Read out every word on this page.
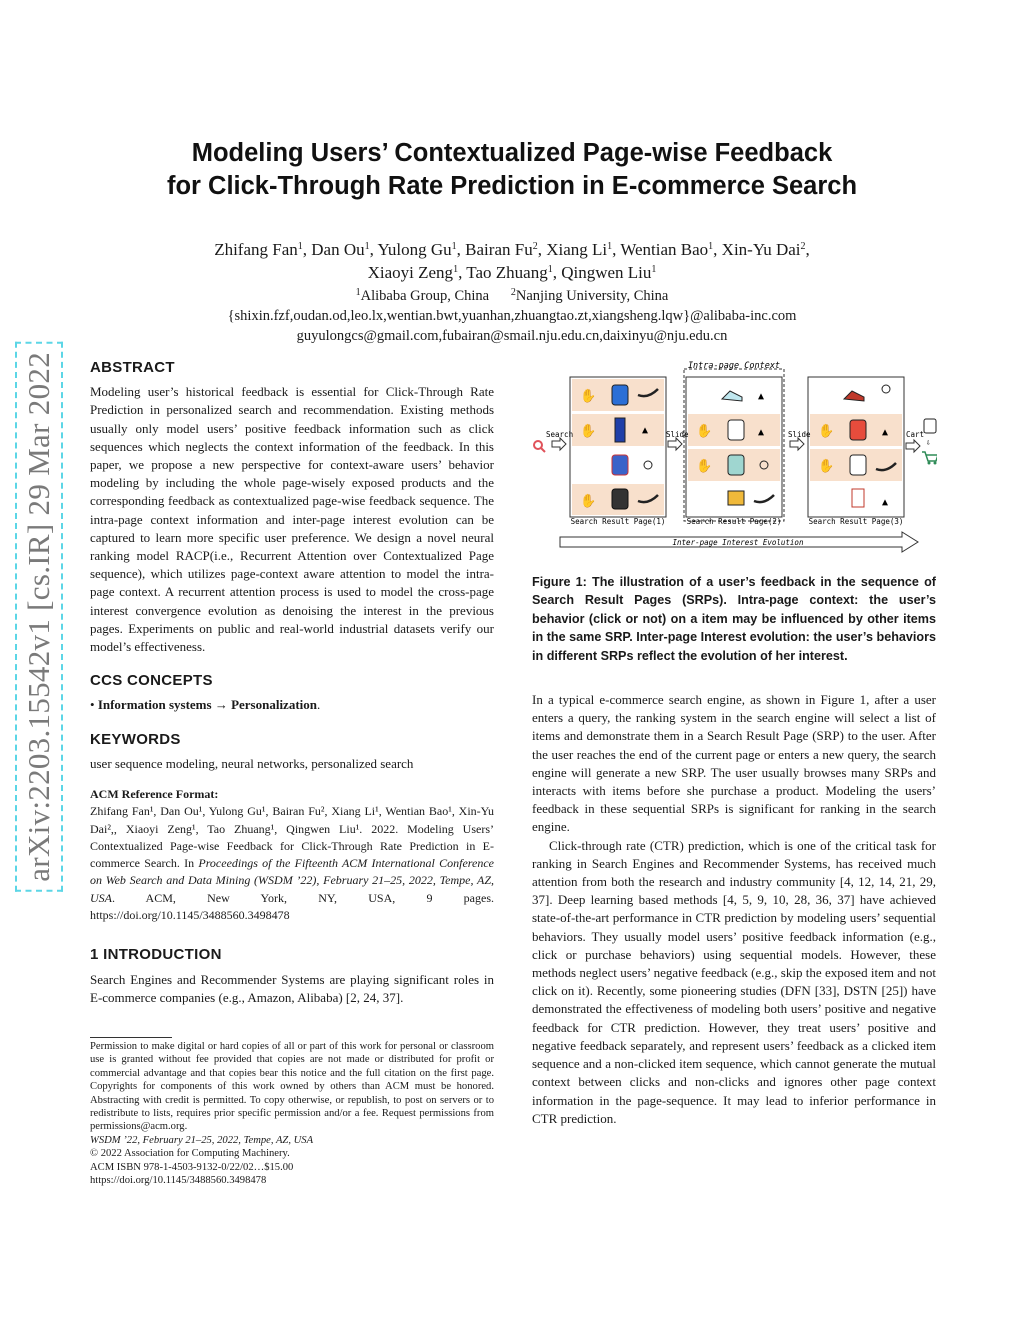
arXiv:2203.15542v1 [cs.IR] 29 Mar 2022
Modeling Users’ Contextualized Page-wise Feedback
for Click-Through Rate Prediction in E-commerce Search
Zhifang Fan$^1$, Dan Ou$^1$, Yulong Gu$^1$, Bairan Fu$^2$, Xiang Li$^1$, Wentian Bao$^1$, Xin-Yu Dai$^2$,
Xiaoyi Zeng$^1$, Tao Zhuang$^1$, Qingwen Liu$^1$
$^1$Alibaba Group, China $^2$Nanjing University, China
{shixin.fzf,oudan.od,leo.lx,wentian.bwt,yuanhan,zhuangtao.zt,xiangsheng.lqw}@alibaba-inc.com
guyulongcs@gmail.com,fubairan@smail.nju.edu.cn,daixinyu@nju.edu.cn
ABSTRACT

Modeling user’s historical feedback is essential for Click-Through Rate Prediction in personalized search and recommendation. Existing methods usually only model users’ positive feedback information such as click sequences which neglects the context information of the feedback. In this paper, we propose a new perspective for context-aware users’ behavior modeling by including the whole page-wisely exposed products and the corresponding feedback as contextualized page-wise feedback sequence. The intra-page context information and inter-page interest evolution can be captured to learn more specific user preference. We design a novel neural ranking model RACP(i.e., Recurrent Attention over Contextualized Page sequence), which utilizes page-context aware attention to model the intra-page context. A recurrent attention process is used to model the cross-page interest convergence evolution as denoising the interest in the previous pages. Experiments on public and real-world industrial datasets verify our model’s effectiveness.

CCS CONCEPTS

• Information systems → Personalization.

KEYWORDS

user sequence modeling, neural networks, personalized search

ACM Reference Format:

Zhifang Fan¹, Dan Ou¹, Yulong Gu¹, Bairan Fu², Xiang Li¹, Wentian Bao¹, Xin-Yu Dai²,, Xiaoyi Zeng¹, Tao Zhuang¹, Qingwen Liu¹. 2022. Modeling Users’ Contextualized Page-wise Feedback for Click-Through Rate Prediction in E-commerce Search. In Proceedings of the Fifteenth ACM International Conference on Web Search and Data Mining (WSDM ’22), February 21–25, 2022, Tempe, AZ, USA. ACM, New York, NY, USA, 9 pages. https://doi.org/10.1145/3488560.3498478

1 INTRODUCTION

Search Engines and Recommender Systems are playing significant roles in E-commerce companies (e.g., Amazon, Alibaba) [2, 24, 37].

Permission to make digital or hard copies of all or part of this work for personal or classroom use is granted without fee provided that copies are not made or distributed for profit or commercial advantage and that copies bear this notice and the full citation on the first page. Copyrights for components of this work owned by others than ACM must be honored. Abstracting with credit is permitted. To copy otherwise, or republish, to post on servers or to redistribute to lists, requires prior specific permission and/or a fee. Request permissions from permissions@acm.org.

WSDM ’22, February 21–25, 2022, Tempe, AZ, USA

© 2022 Association for Computing Machinery.

ACM ISBN 978-1-4503-9132-0/22/02…$15.00

https://doi.org/10.1145/3488560.3498478

Intra-page Context
✋
✋	▲
✋
▲
✋	▲
✋
✋	▲
✋
▲
Search	Slide	Slide	Cart
⇩
Search Result Page(1)	Search Result Page(2)	Search Result Page(3)
Inter-page Interest Evolution

Figure 1: The illustration of a user’s feedback in the sequence of Search Result Pages (SRPs). Intra-page context: the user’s behavior (click or not) on a item may be influenced by other items in the same SRP. Inter-page Interest evolution: the user’s behaviors in different SRPs reflect the evolution of her interest.

In a typical e-commerce search engine, as shown in Figure 1, after a user enters a query, the ranking system in the search engine will select a list of items and demonstrate them in a Search Result Page (SRP) to the user. After the user reaches the end of the current page or enters a new query, the search engine will generate a new SRP. The user usually browses many SRPs and interacts with items before she purchase a product. Modeling the users’ feedback in these sequential SRPs is significant for ranking in the search engine.

Click-through rate (CTR) prediction, which is one of the critical task for ranking in Search Engines and Recommender Systems, has received much attention from both the research and industry community [4, 12, 14, 21, 29, 37]. Deep learning based methods [4, 5, 9, 10, 28, 36, 37] have achieved state-of-the-art performance in CTR prediction by modeling users’ sequential behaviors. They usually model users’ positive feedback information (e.g., click or purchase behaviors) using sequential models. However, these methods neglect users’ negative feedback (e.g., skip the exposed item and not click on it). Recently, some pioneering studies (DFN [33], DSTN [25]) have demonstrated the effectiveness of modeling both users’ positive and negative feedback for CTR prediction. However, they treat users’ positive and negative feedback separately, and represent users’ feedback as a clicked item sequence and a non-clicked item sequence, which cannot generate the mutual context between clicks and non-clicks and ignores other page context information in the page-sequence. It may lead to inferior performance in CTR prediction.
